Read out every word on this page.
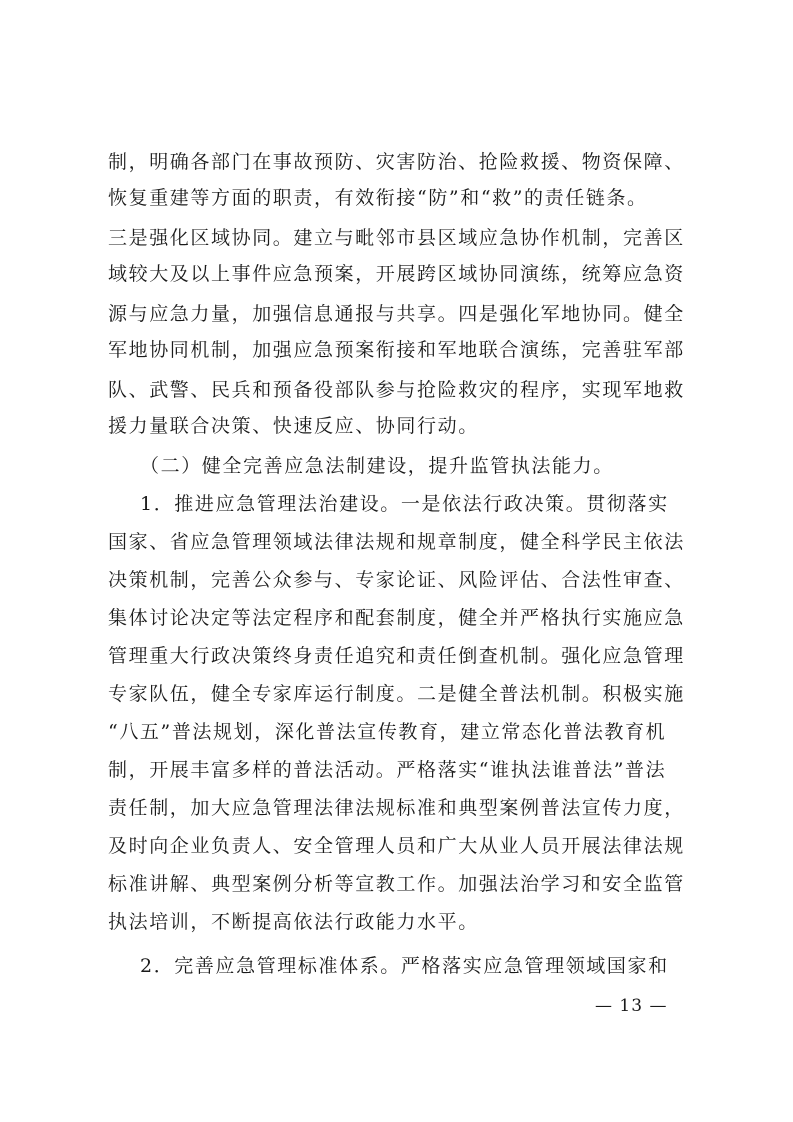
制，明确各部门在事故预防、灾害防治、抢险救援、物资保障、
恢复重建等方面的职责，有效衔接“防”和“救”的责任链条。
三是强化区域协同。建立与毗邻市县区域应急协作机制，完善区
域较大及以上事件应急预案，开展跨区域协同演练，统筹应急资
源与应急力量，加强信息通报与共享。四是强化军地协同。健全
军地协同机制，加强应急预案衔接和军地联合演练，完善驻军部
队、武警、民兵和预备役部队参与抢险救灾的程序，实现军地救
援力量联合决策、快速反应、协同行动。
（二）健全完善应急法制建设，提升监管执法能力。
1．推进应急管理法治建设。一是依法行政决策。贯彻落实
国家、省应急管理领域法律法规和规章制度，健全科学民主依法
决策机制，完善公众参与、专家论证、风险评估、合法性审查、
集体讨论决定等法定程序和配套制度，健全并严格执行实施应急
管理重大行政决策终身责任追究和责任倒查机制。强化应急管理
专家队伍，健全专家库运行制度。二是健全普法机制。积极实施
“八五”普法规划，深化普法宣传教育，建立常态化普法教育机
制，开展丰富多样的普法活动。严格落实“谁执法谁普法”普法
责任制，加大应急管理法律法规标准和典型案例普法宣传力度，
及时向企业负责人、安全管理人员和广大从业人员开展法律法规
标准讲解、典型案例分析等宣教工作。加强法治学习和安全监管
执法培训，不断提高依法行政能力水平。
2．完善应急管理标准体系。严格落实应急管理领域国家和
— 13 —
